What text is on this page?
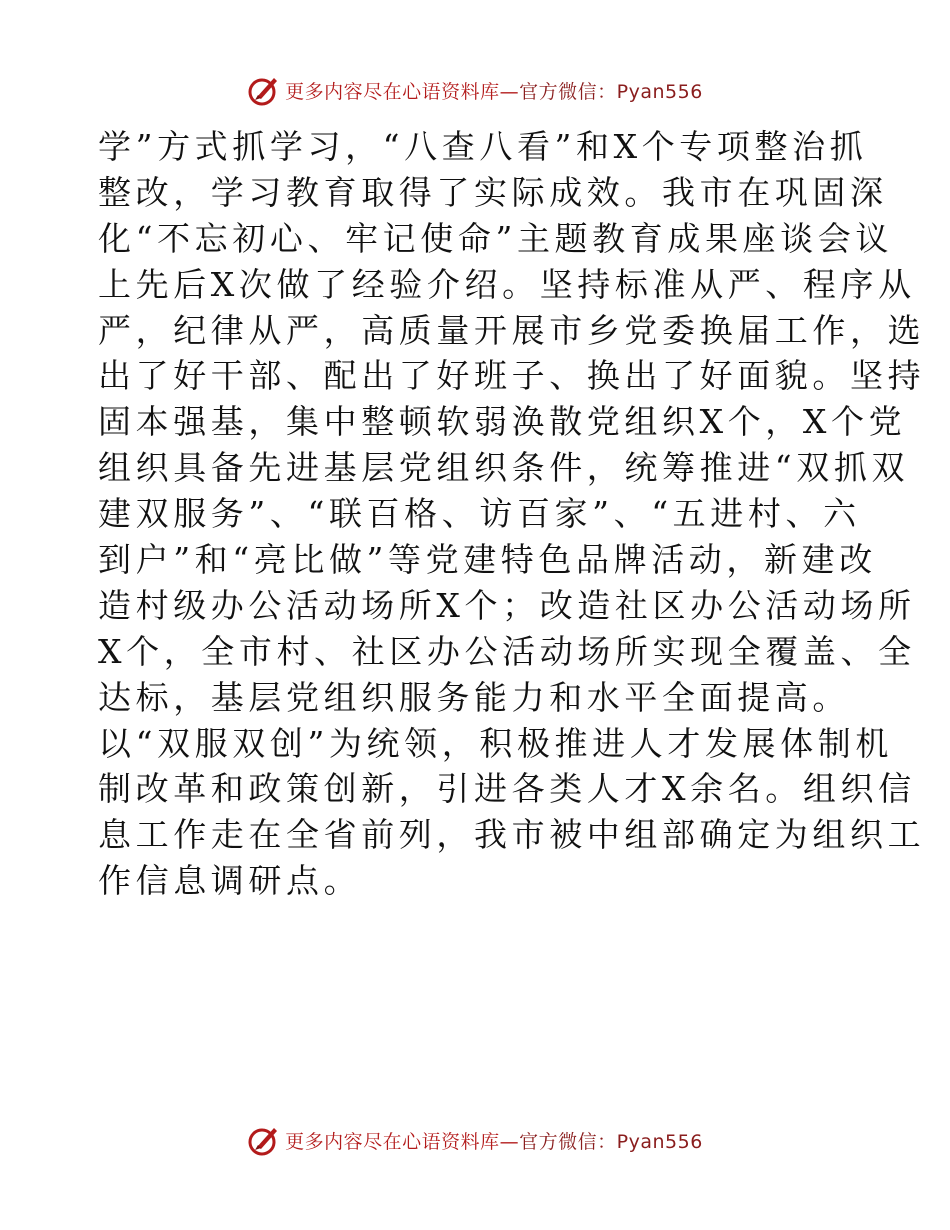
更多内容尽在心语资料库—官方微信：Pyan556
学”方式抓学习，“八查八看”和X个专项整治抓
整改，学习教育取得了实际成效。我市在巩固深
化“不忘初心、牢记使命”主题教育成果座谈会议
上先后X次做了经验介绍。坚持标准从严、程序从
严，纪律从严，高质量开展市乡党委换届工作，选
出了好干部、配出了好班子、换出了好面貌。坚持
固本强基，集中整顿软弱涣散党组织X个，X个党
组织具备先进基层党组织条件，统筹推进“双抓双
建双服务”、“联百格、访百家”、“五进村、六
到户”和“亮比做”等党建特色品牌活动，新建改
造村级办公活动场所X个；改造社区办公活动场所
X个，全市村、社区办公活动场所实现全覆盖、全
达标，基层党组织服务能力和水平全面提高。
以“双服双创”为统领，积极推进人才发展体制机
制改革和政策创新，引进各类人才X余名。组织信
息工作走在全省前列，我市被中组部确定为组织工
作信息调研点。
更多内容尽在心语资料库—官方微信：Pyan556
